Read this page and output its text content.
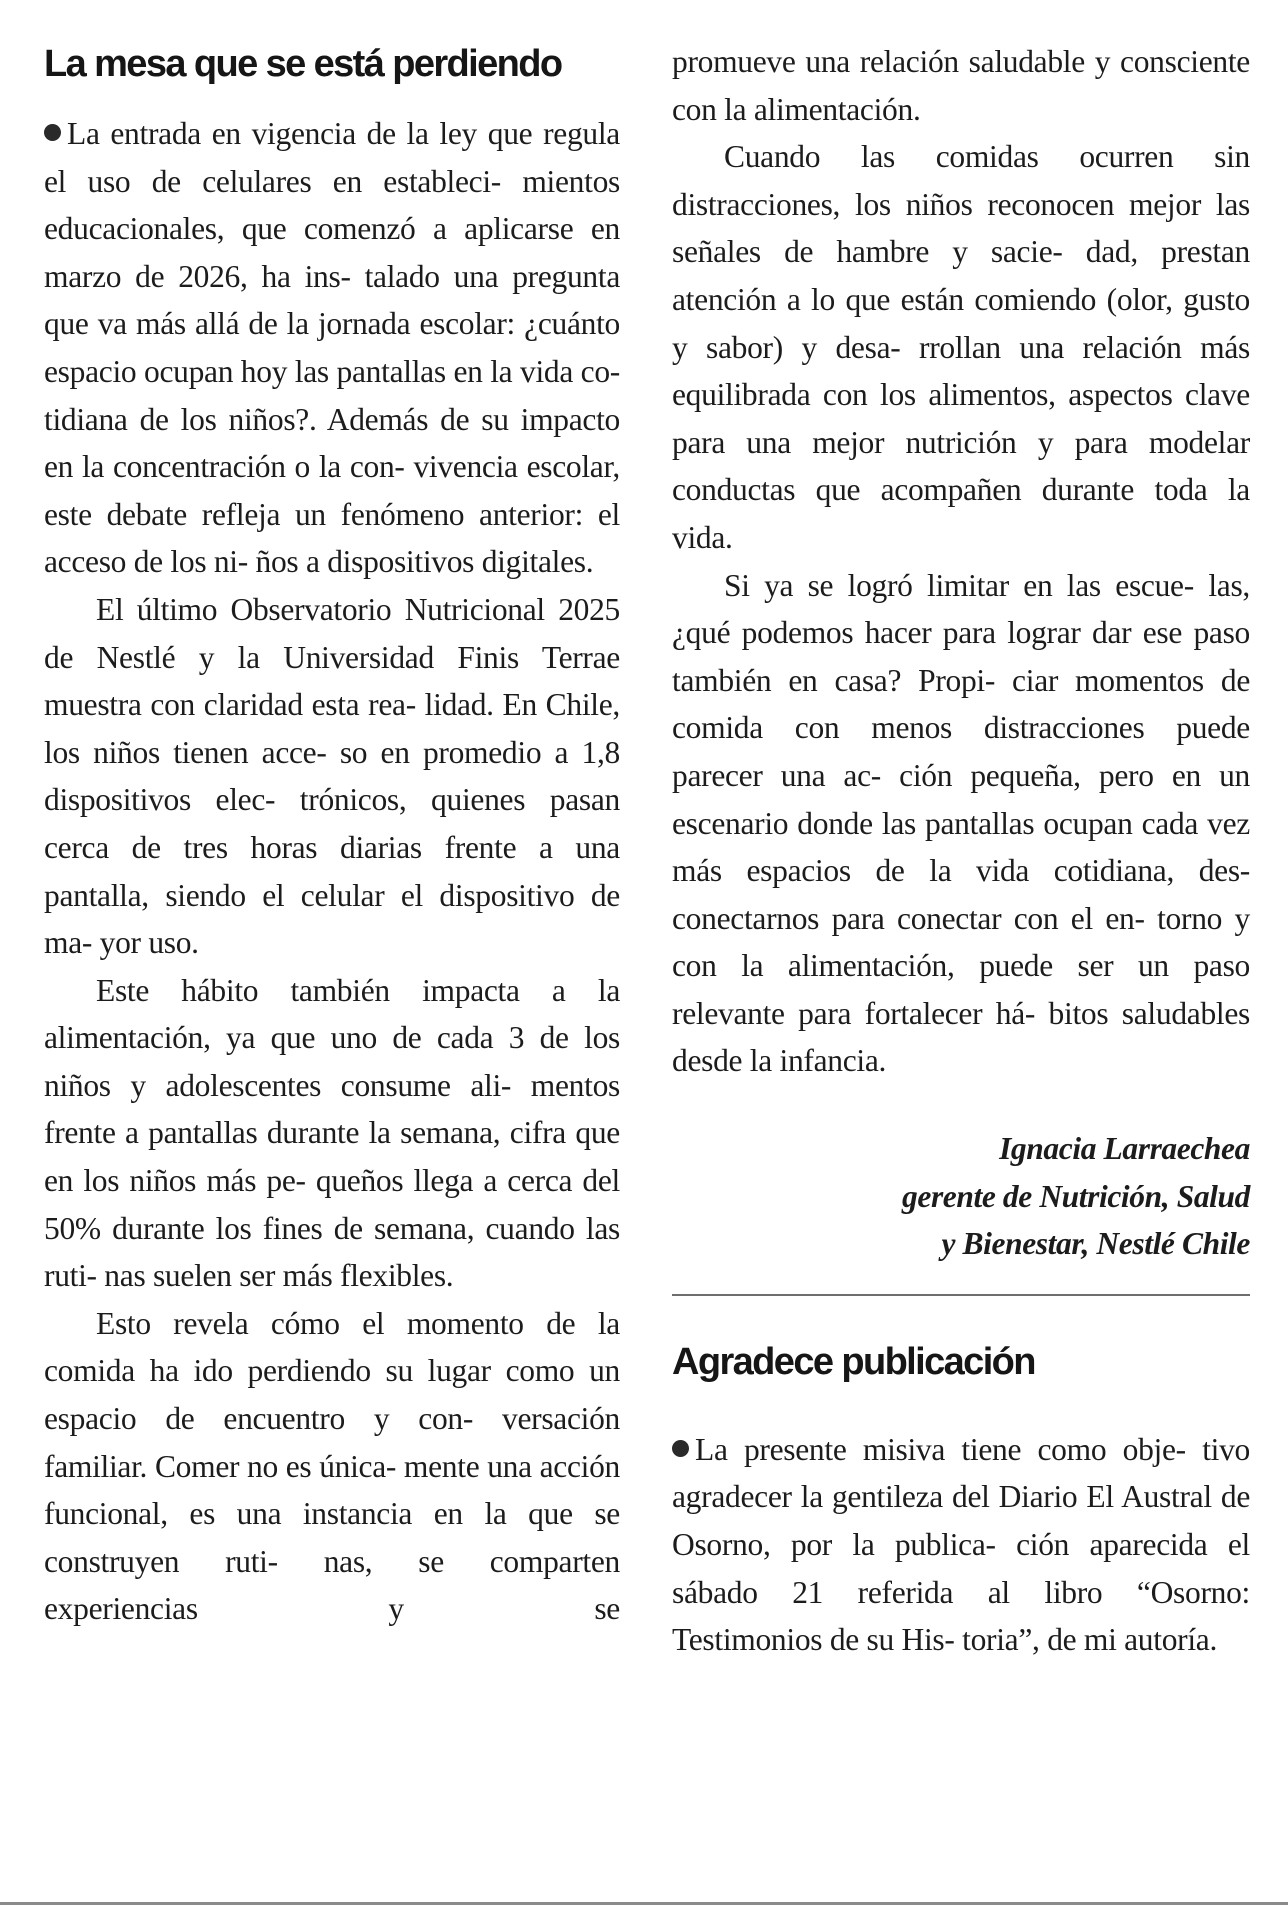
La mesa que se está perdiendo

La entrada en vigencia de la ley que regula el uso de celulares en estableci- mientos educacionales, que comenzó a aplicarse en marzo de 2026, ha ins- talado una pregunta que va más allá de la jornada escolar: ¿cuánto espacio ocupan hoy las pantallas en la vida co- tidiana de los niños?. Además de su impacto en la concentración o la con- vivencia escolar, este debate refleja un fenómeno anterior: el acceso de los ni- ños a dispositivos digitales.

El último Observatorio Nutricional 2025 de Nestlé y la Universidad Finis Terrae muestra con claridad esta rea- lidad. En Chile, los niños tienen acce- so en promedio a 1,8 dispositivos elec- trónicos, quienes pasan cerca de tres horas diarias frente a una pantalla, siendo el celular el dispositivo de ma- yor uso.

Este hábito también impacta a la alimentación, ya que uno de cada 3 de los niños y adolescentes consume ali- mentos frente a pantallas durante la semana, cifra que en los niños más pe- queños llega a cerca del 50% durante los fines de semana, cuando las ruti- nas suelen ser más flexibles.

Esto revela cómo el momento de la comida ha ido perdiendo su lugar como un espacio de encuentro y con- versación familiar. Comer no es única- mente una acción funcional, es una instancia en la que se construyen ruti- nas, se comparten experiencias y se

promueve una relación saludable y consciente con la alimentación.

Cuando las comidas ocurren sin distracciones, los niños reconocen mejor las señales de hambre y sacie- dad, prestan atención a lo que están comiendo (olor, gusto y sabor) y desa- rrollan una relación más equilibrada con los alimentos, aspectos clave para una mejor nutrición y para modelar conductas que acompañen durante toda la vida.

Si ya se logró limitar en las escue- las, ¿qué podemos hacer para lograr dar ese paso también en casa? Propi- ciar momentos de comida con menos distracciones puede parecer una ac- ción pequeña, pero en un escenario donde las pantallas ocupan cada vez más espacios de la vida cotidiana, des- conectarnos para conectar con el en- torno y con la alimentación, puede ser un paso relevante para fortalecer há- bitos saludables desde la infancia.

Ignacia Larraechea
gerente de Nutrición, Salud
y Bienestar, Nestlé Chile
Agradece publicación

La presente misiva tiene como obje- tivo agradecer la gentileza del Diario El Austral de Osorno, por la publica- ción aparecida el sábado 21 referida al libro “Osorno: Testimonios de su His- toria”, de mi autoría.
